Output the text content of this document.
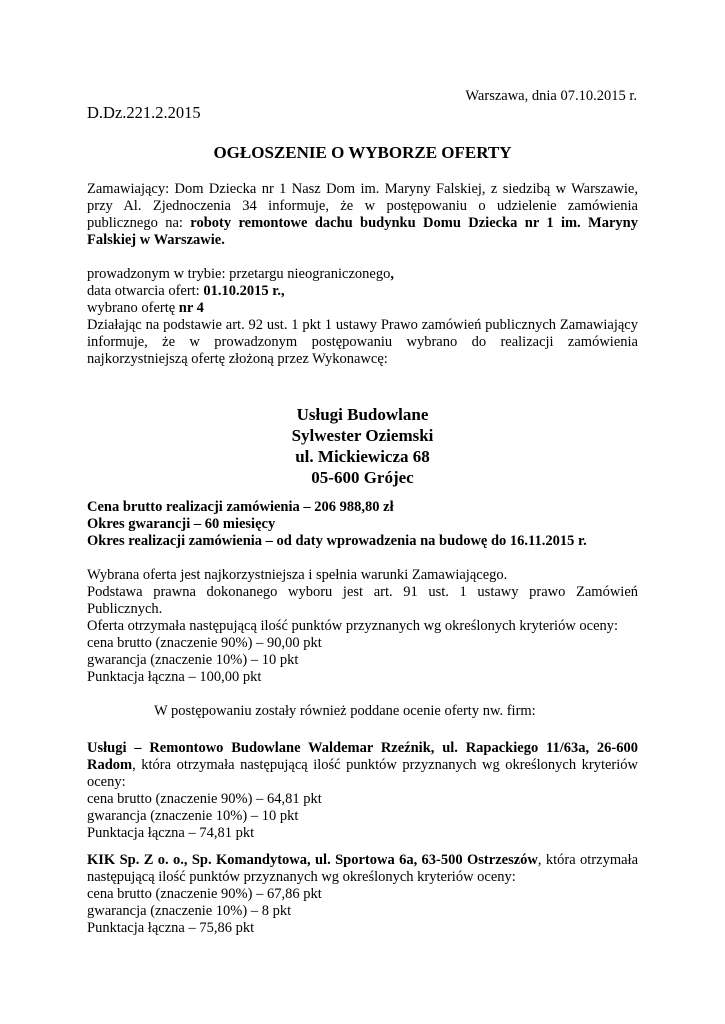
Warszawa, dnia 07.10.2015 r.
D.Dz.221.2.2015
OGŁOSZENIE O WYBORZE OFERTY
Zamawiający: Dom Dziecka nr 1 Nasz Dom im. Maryny Falskiej, z siedzibą w Warszawie,
przy Al. Zjednoczenia 34 informuje, że w postępowaniu o udzielenie zamówienia
publicznego na: roboty remontowe dachu budynku Domu Dziecka nr 1 im. Maryny
Falskiej w Warszawie.
prowadzonym w trybie: przetargu nieograniczonego,
data otwarcia ofert: 01.10.2015 r.,
wybrano ofertę nr 4
Działając na podstawie art. 92 ust. 1 pkt 1 ustawy Prawo zamówień publicznych Zamawiający
informuje, że w prowadzonym postępowaniu wybrano do realizacji zamówienia
najkorzystniejszą ofertę złożoną przez Wykonawcę:
Usługi Budowlane
Sylwester Oziemski
ul. Mickiewicza 68
05-600 Grójec
Cena brutto realizacji zamówienia – 206 988,80 zł
Okres gwarancji – 60 miesięcy
Okres realizacji zamówienia – od daty wprowadzenia na budowę do 16.11.2015 r.
Wybrana oferta jest najkorzystniejsza i spełnia warunki Zamawiającego.
Podstawa prawna dokonanego wyboru jest art. 91 ust. 1 ustawy prawo Zamówień
Publicznych.
Oferta otrzymała następującą ilość punktów przyznanych wg określonych kryteriów oceny:
cena brutto (znaczenie 90%) – 90,00 pkt
gwarancja (znaczenie 10%) – 10 pkt
Punktacja łączna – 100,00 pkt
W postępowaniu zostały również poddane ocenie oferty nw. firm:
Usługi – Remontowo Budowlane Waldemar Rzeźnik, ul. Rapackiego 11/63a, 26-600
Radom, która otrzymała następującą ilość punktów przyznanych wg określonych kryteriów
oceny:
cena brutto (znaczenie 90%) – 64,81 pkt
gwarancja (znaczenie 10%) – 10 pkt
Punktacja łączna – 74,81 pkt
KIK Sp. Z o. o., Sp. Komandytowa, ul. Sportowa 6a, 63-500 Ostrzeszów, która otrzymała
następującą ilość punktów przyznanych wg określonych kryteriów oceny:
cena brutto (znaczenie 90%) – 67,86 pkt
gwarancja (znaczenie 10%) – 8 pkt
Punktacja łączna – 75,86 pkt
